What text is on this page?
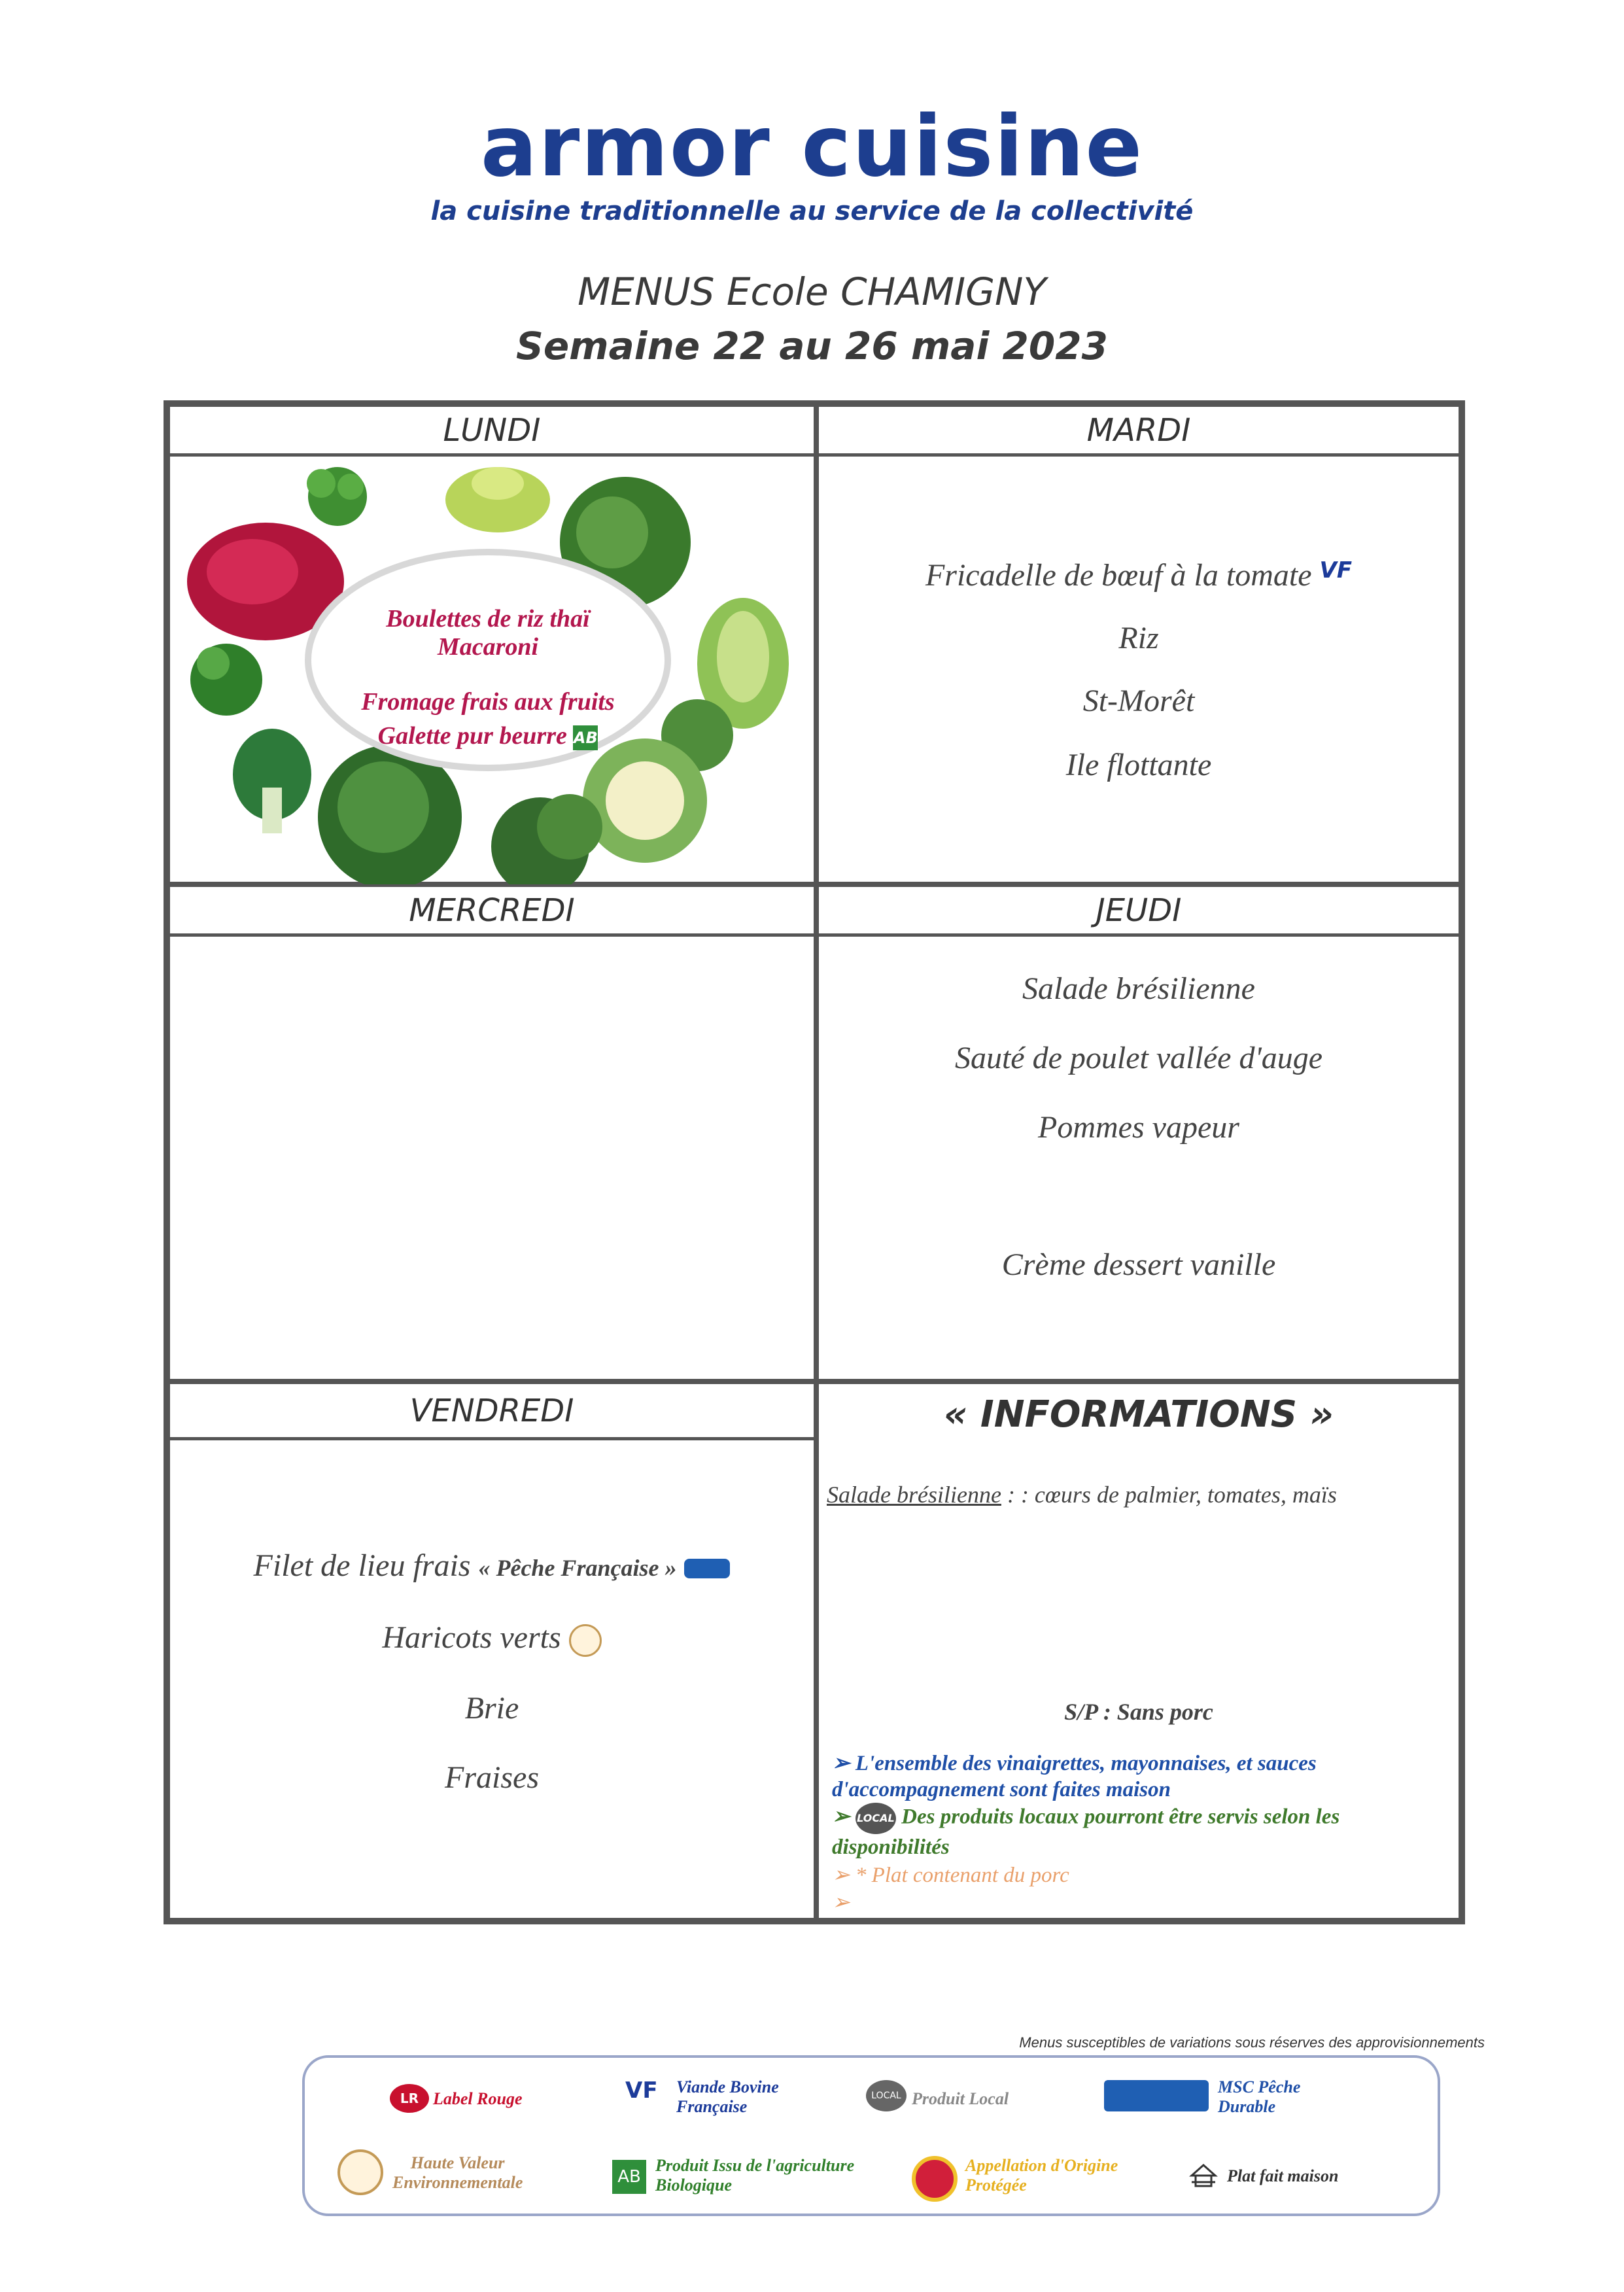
armor cuisine
la cuisine traditionnelle au service de la collectivité
MENUS Ecole CHAMIGNY
Semaine 22 au 26 mai 2023
LUNDI
Boulettes de riz thaï
Macaroni
Fromage frais aux fruits
Galette pur beurre AB
MARDI
Fricadelle de bœuf à la tomate VF
Riz
St-Morêt
Ile flottante
MERCREDI	JEUDI
Salade brésilienne
Sauté de poulet vallée d'auge
Pommes vapeur
Crème dessert vanille
VENDREDI
Filet de lieu frais « Pêche Française »
Haricots verts
Brie
Fraises
« INFORMATIONS »
Salade brésilienne : : cœurs de palmier, tomates, maïs
S/P : Sans porc
➢ L'ensemble des vinaigrettes, mayonnaises, et sauces d'accompagnement sont faites maison
➢ LOCAL Des produits locaux pourront être servis selon les disponibilités
➢ * Plat contenant du porc
➢
Menus susceptibles de variations sous réserves des approvisionnements
LR Label Rouge	VF	Viande Bovine
Française
LOCAL Produit Local
MSC Pêche
Durable
Haute Valeur
Environnementale	AB
Produit Issu de l'agriculture
Biologique
Appellation d'Origine
Protégée	Plat fait maison
